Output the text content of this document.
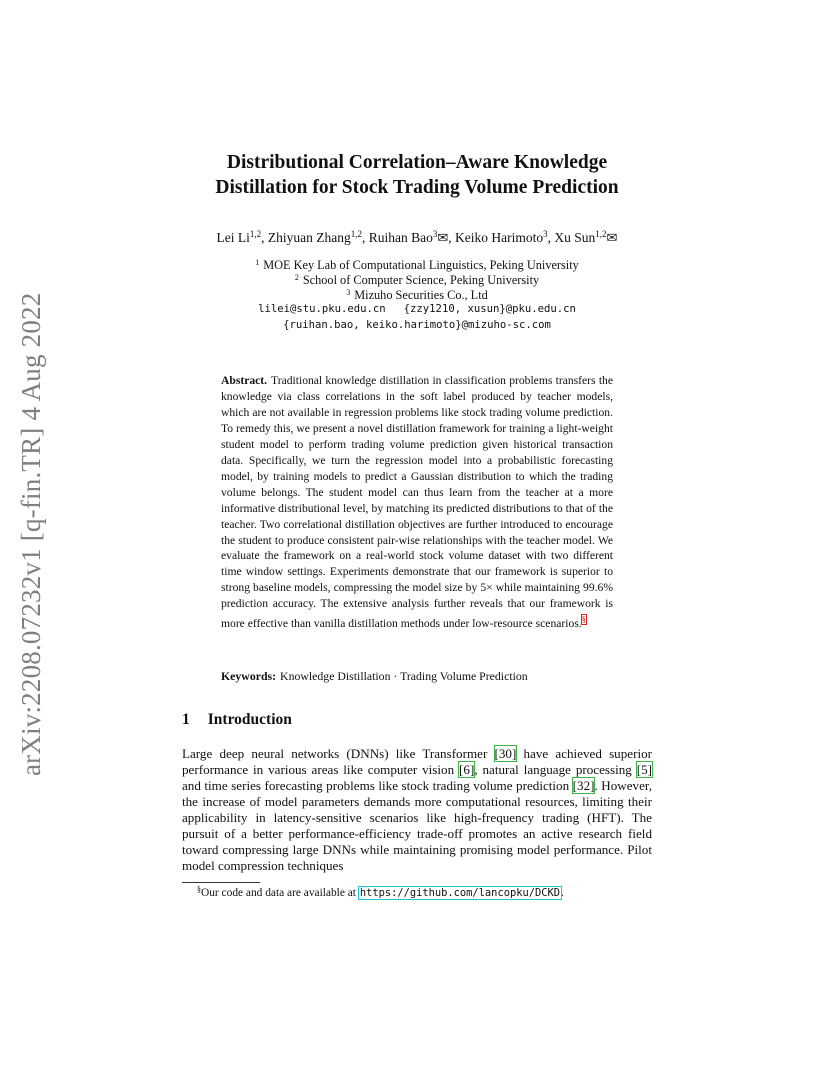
arXiv:2208.07232v1 [q-fin.TR] 4 Aug 2022
Distributional Correlation–Aware Knowledge
Distillation for Stock Trading Volume Prediction
Lei Li$^{1,2}$, Zhiyuan Zhang$^{1,2}$, Ruihan Bao$^3$✉, Keiko Harimoto$^3$, Xu Sun$^{1,2}$✉
$^1$ MOE Key Lab of Computational Linguistics, Peking University
$^2$ School of Computer Science, Peking University
$^3$ Mizuho Securities Co., Ltd
lilei@stu.pku.edu.cn {zzy1210, xusun}@pku.edu.cn
{ruihan.bao, keiko.harimoto}@mizuho-sc.com

Abstract. Traditional knowledge distillation in classification problems transfers the knowledge via class correlations in the soft label produced by teacher models, which are not available in regression problems like stock trading volume prediction. To remedy this, we present a novel distillation framework for training a light-weight student model to perform trading volume prediction given historical transaction data. Specifically, we turn the regression model into a probabilistic forecasting model, by training models to predict a Gaussian distribution to which the trading volume belongs. The student model can thus learn from the teacher at a more informative distributional level, by matching its predicted distributions to that of the teacher. Two correlational distillation objectives are further introduced to encourage the student to produce consistent pair-wise relationships with the teacher model. We evaluate the framework on a real-world stock volume dataset with two different time window settings. Experiments demonstrate that our framework is superior to strong baseline models, compressing the model size by 5× while maintaining 99.6% prediction accuracy. The extensive analysis further reveals that our framework is more effective than vanilla distillation methods under low-resource scenarios.§

Keywords: Knowledge Distillation · Trading Volume Prediction

1 Introduction

Large deep neural networks (DNNs) like Transformer [30] have achieved superior performance in various areas like computer vision [6], natural language processing [5] and time series forecasting problems like stock trading volume prediction [32]. However, the increase of model parameters demands more computational resources, limiting their applicability in latency-sensitive scenarios like high-frequency trading (HFT). The pursuit of a better performance-efficiency trade-off promotes an active research field toward compressing large DNNs while maintaining promising model performance. Pilot model compression techniques

§Our code and data are available at https://github.com/lancopku/DCKD.
